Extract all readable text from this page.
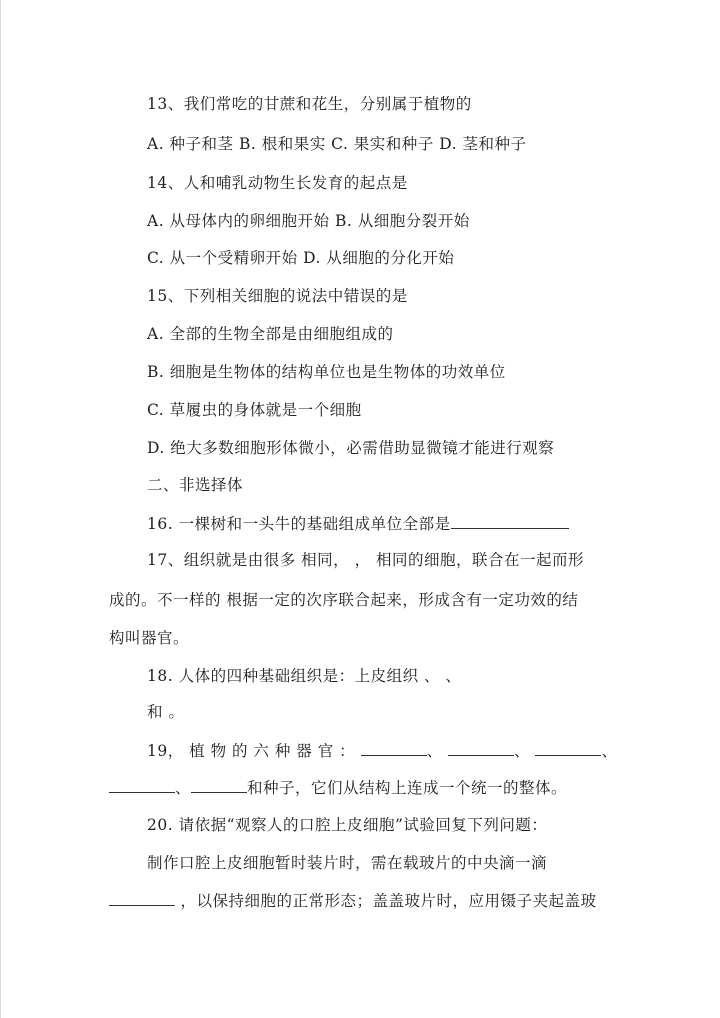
13、我们常吃的甘蔗和花生，分别属于植物的
A. 种子和茎 B. 根和果实 C. 果实和种子 D. 茎和种子
14、人和哺乳动物生长发育的起点是
A. 从母体内的卵细胞开始 B. 从细胞分裂开始
C. 从一个受精卵开始 D. 从细胞的分化开始
15、下列相关细胞的说法中错误的是
A. 全部的生物全部是由细胞组成的
B. 细胞是生物体的结构单位也是生物体的功效单位
C. 草履虫的身体就是一个细胞
D. 绝大多数细胞形体微小，必需借助显微镜才能进行观察
二、非选择体
16. 一棵树和一头牛的基础组成单位全部是
17、组织就是由很多 相同， ， 相同的细胞，联合在一起而形
成的。不一样的 根据一定的次序联合起来，形成含有一定功效的结
构叫器官。
18. 人体的四种基础组织是：上皮组织 、 、
和 。
19， 植 物 的 六 种 器 官 ：	、	、	、
、	和种子，它们从结构上连成一个统一的整体。
20. 请依据“观察人的口腔上皮细胞”试验回复下列问题：
制作口腔上皮细胞暂时装片时，需在载玻片的中央滴一滴
，以保持细胞的正常形态；盖盖玻片时，应用镊子夹起盖玻
